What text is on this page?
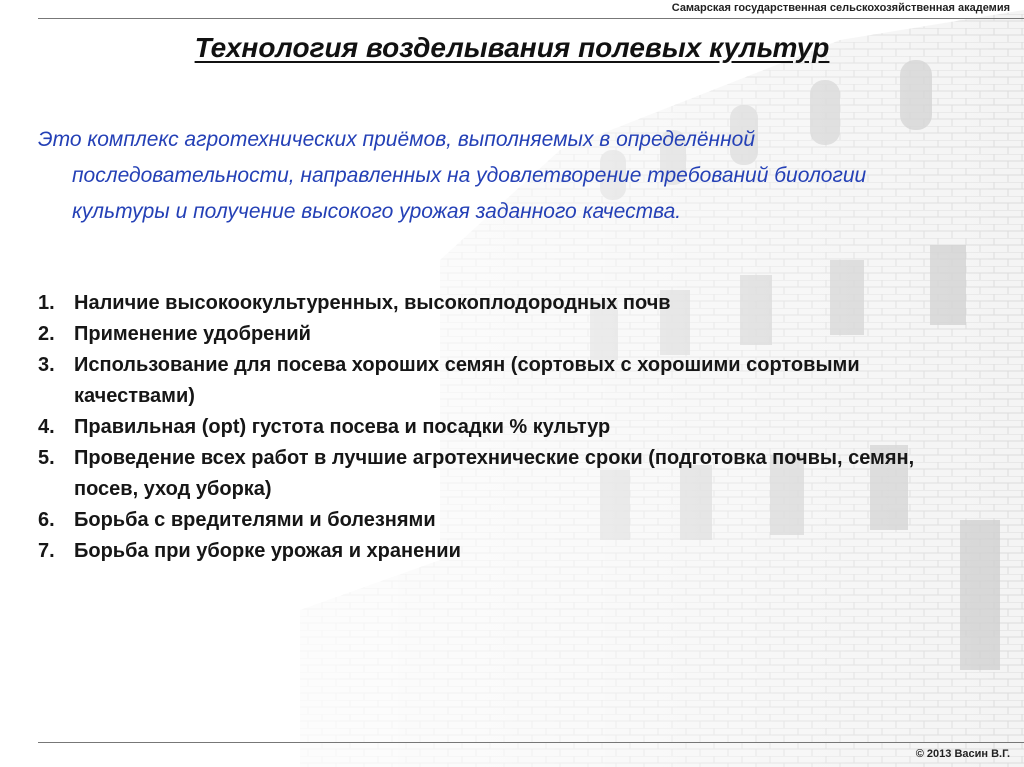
Самарская государственная сельскохозяйственная академия
Технология возделывания полевых культур
Это комплекс агротехнических приёмов, выполняемых в определённой последовательности, направленных на удовлетворение требований биологии культуры и получение высокого урожая заданного качества.
1. Наличие высокоокультуренных, высокоплодородных почв
2. Применение удобрений
3. Использование для посева хороших семян (сортовых с хорошими сортовыми качествами)
4. Правильная (opt) густота посева и посадки % культур
5. Проведение всех работ в лучшие агротехнические сроки (подготовка почвы, семян, посев, уход уборка)
6. Борьба с вредителями и болезнями
7. Борьба при уборке урожая и хранении
© 2013 Васин В.Г.
